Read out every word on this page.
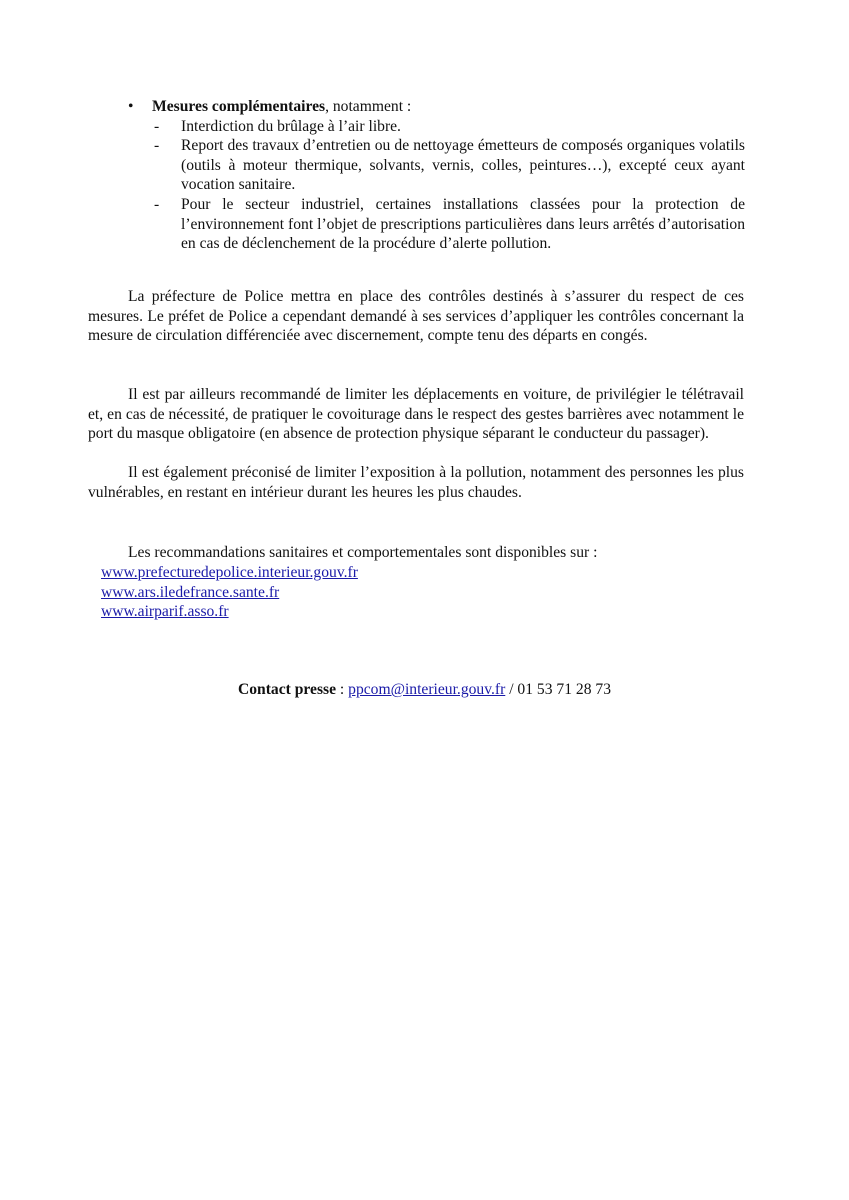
•	Mesures complémentaires, notamment :
- Interdiction du brûlage à l’air libre.
- Report des travaux d’entretien ou de nettoyage émetteurs de composés organiques volatils (outils à moteur thermique, solvants, vernis, colles, peintures…), excepté ceux ayant vocation sanitaire.
- Pour le secteur industriel, certaines installations classées pour la protection de l’environnement font l’objet de prescriptions particulières dans leurs arrêtés d’autorisation en cas de déclenchement de la procédure d’alerte pollution.

La préfecture de Police mettra en place des contrôles destinés à s’assurer du respect de ces mesures. Le préfet de Police a cependant demandé à ses services d’appliquer les contrôles concernant la mesure de circulation différenciée avec discernement, compte tenu des départs en congés.

Il est par ailleurs recommandé de limiter les déplacements en voiture, de privilégier le télétravail et, en cas de nécessité, de pratiquer le covoiturage dans le respect des gestes barrières avec notamment le port du masque obligatoire (en absence de protection physique séparant le conducteur du passager).

Il est également préconisé de limiter l’exposition à la pollution, notamment des personnes les plus vulnérables, en restant en intérieur durant les heures les plus chaudes.

Les recommandations sanitaires et comportementales sont disponibles sur :

www.prefecturedepolice.interieur.gouv.fr
www.ars.iledefrance.sante.fr
www.airparif.asso.fr

Contact presse : ppcom@interieur.gouv.fr / 01 53 71 28 73
